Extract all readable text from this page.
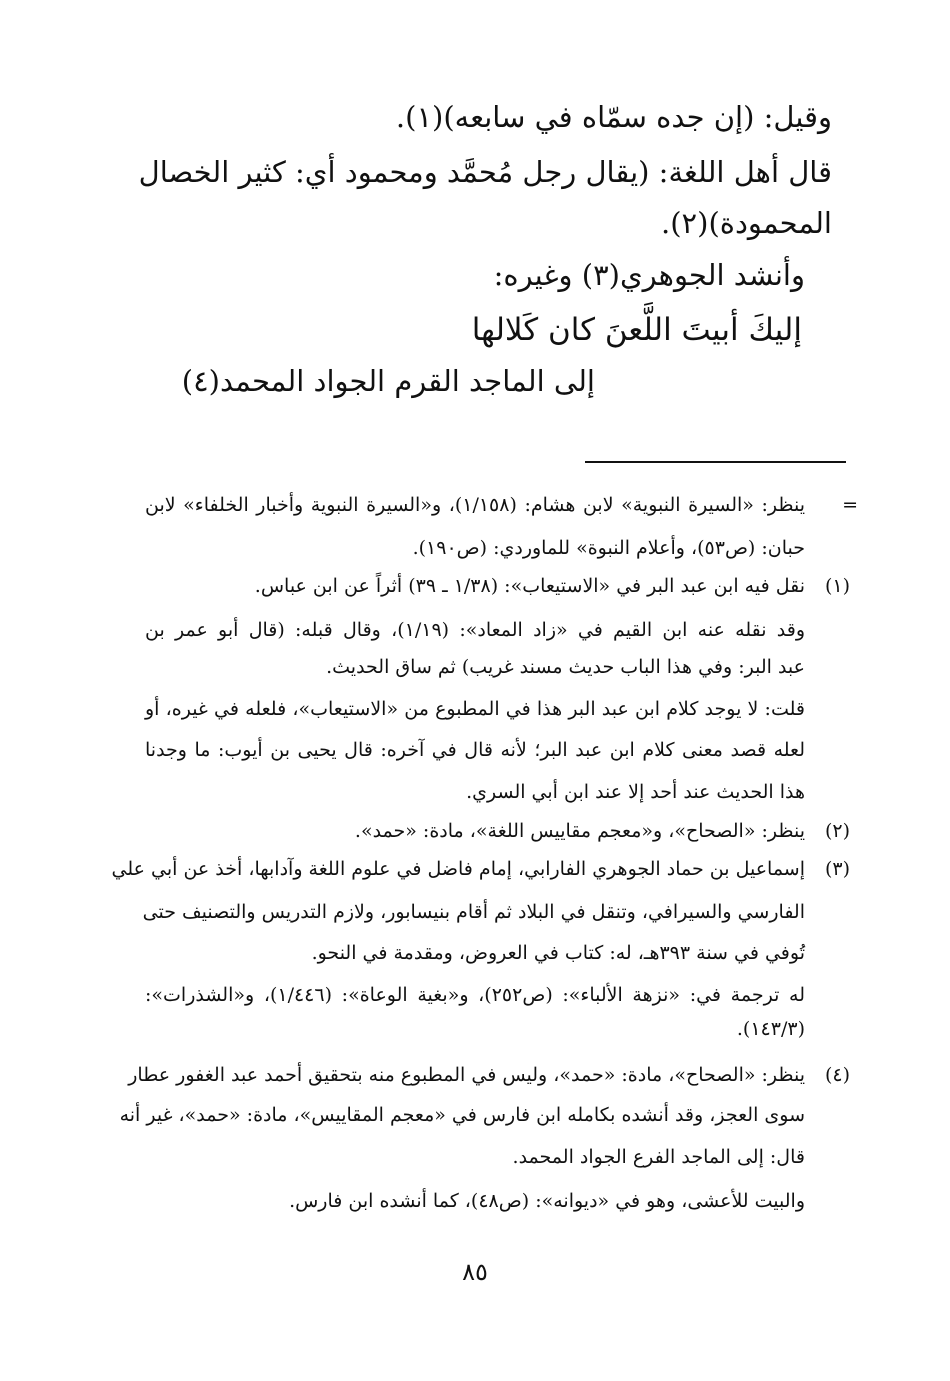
وقيل: (إن جده سمّاه في سابعه)(١).
قال أهل اللغة: (يقال رجل مُحمَّد ومحمود أي: كثير الخصال
المحمودة)(٢).
وأنشد الجوهري(٣) وغيره:
إليكَ أبيتَ اللَّعنَ كان كَلالها
إلى الماجد القرم الجواد المحمد(٤)
=
ينظر: «السيرة النبوية» لابن هشام: (١/١٥٨)، و«السيرة النبوية وأخبار الخلفاء» لابن
حبان: (ص٥٣)، وأعلام النبوة» للماوردي: (ص١٩٠).
(١)
نقل فيه ابن عبد البر في «الاستيعاب»: (١/٣٨ ـ ٣٩) أثراً عن ابن عباس.
وقد نقله عنه ابن القيم في «زاد المعاد»: (١/١٩)، وقال قبله: (قال أبو عمر بن
عبد البر: وفي هذا الباب حديث مسند غريب) ثم ساق الحديث.
قلت: لا يوجد كلام ابن عبد البر هذا في المطبوع من «الاستيعاب»، فلعله في غيره، أو
لعله قصد معنى كلام ابن عبد البر؛ لأنه قال في آخره: قال يحيى بن أيوب: ما وجدنا
هذا الحديث عند أحد إلا عند ابن أبي السري.
(٢)
ينظر: «الصحاح»، و«معجم مقاييس اللغة»، مادة: «حمد».
(٣)
إسماعيل بن حماد الجوهري الفارابي، إمام فاضل في علوم اللغة وآدابها، أخذ عن أبي علي
الفارسي والسيرافي، وتنقل في البلاد ثم أقام بنيسابور، ولازم التدريس والتصنيف حتى
تُوفي في سنة ٣٩٣هـ، له: كتاب في العروض، ومقدمة في النحو.
له ترجمة في: «نزهة الألباء»: (ص٢٥٢)، و«بغية الوعاة»: (١/٤٤٦)، و«الشذرات»:
(١٤٣/٣).
(٤)
ينظر: «الصحاح»، مادة: «حمد»، وليس في المطبوع منه بتحقيق أحمد عبد الغفور عطار
سوى العجز، وقد أنشده بكامله ابن فارس في «معجم المقاييس»، مادة: «حمد»، غير أنه
قال: إلى الماجد الفرع الجواد المحمد.
والبيت للأعشى، وهو في «ديوانه»: (ص٤٨)، كما أنشده ابن فارس.
٨٥
